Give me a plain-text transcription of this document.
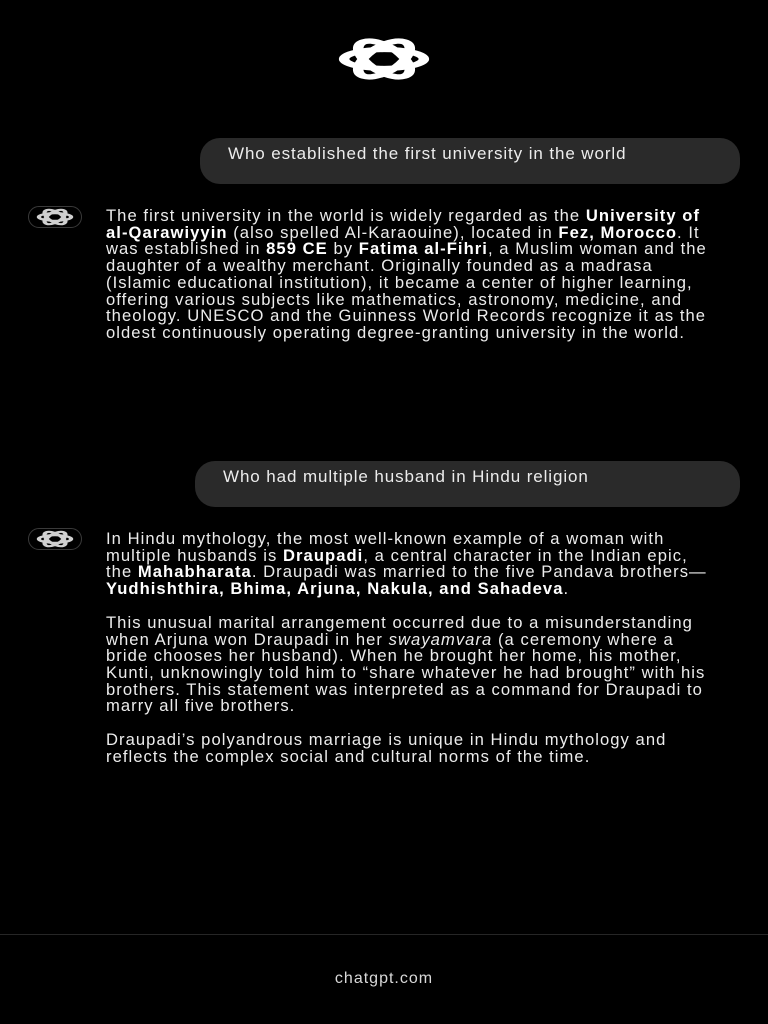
Who established the first university in the world

The first university in the world is widely regarded as the University of al-Qarawiyyin (also spelled Al-Karaouine), located in Fez, Morocco. It was established in 859 CE by Fatima al-Fihri, a Muslim woman and the daughter of a wealthy merchant. Originally founded as a madrasa (Islamic educational institution), it became a center of higher learning, offering various subjects like mathematics, astronomy, medicine, and theology. UNESCO and the Guinness World Records recognize it as the oldest continuously operating degree-granting university in the world.

Who had multiple husband in Hindu religion

In Hindu mythology, the most well-known example of a woman with multiple husbands is Draupadi, a central character in the Indian epic, the Mahabharata. Draupadi was married to the five Pandava brothers—Yudhishthira, Bhima, Arjuna, Nakula, and Sahadeva.

This unusual marital arrangement occurred due to a misunderstanding when Arjuna won Draupadi in her swayamvara (a ceremony where a bride chooses her husband). When he brought her home, his mother, Kunti, unknowingly told him to “share whatever he had brought” with his brothers. This statement was interpreted as a command for Draupadi to marry all five brothers.

Draupadi’s polyandrous marriage is unique in Hindu mythology and reflects the complex social and cultural norms of the time.

chatgpt.com
